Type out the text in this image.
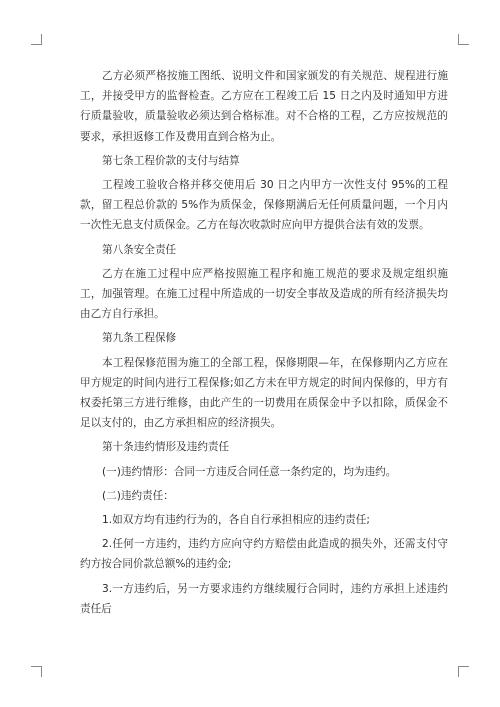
乙方必须严格按施工图纸、说明文件和国家颁发的有关规范、规程进行施工，并接受甲方的监督检查。乙方应在工程竣工后 15 日之内及时通知甲方进行质量验收，质量验收必须达到合格标准。对不合格的工程，乙方应按规范的要求，承担返修工作及费用直到合格为止。

第七条工程价款的支付与结算

工程竣工验收合格并移交使用后 30 日之内甲方一次性支付 95%的工程款，留工程总价款的 5%作为质保金，保修期满后无任何质量问题，一个月内一次性无息支付质保金。乙方在每次收款时应向甲方提供合法有效的发票。

第八条安全责任

乙方在施工过程中应严格按照施工程序和施工规范的要求及规定组织施工，加强管理。在施工过程中所造成的一切安全事故及造成的所有经济损失均由乙方自行承担。

第九条工程保修

本工程保修范围为施工的全部工程，保修期限—年，在保修期内乙方应在甲方规定的时间内进行工程保修;如乙方未在甲方规定的时间内保修的，甲方有权委托第三方进行维修，由此产生的一切费用在质保金中予以扣除，质保金不足以支付的，由乙方承担相应的经济损失。

第十条违约情形及违约责任

(一)违约情形：合同一方违反合同任意一条约定的，均为违约。

(二)违约责任：

1.如双方均有违约行为的，各自自行承担相应的违约责任;

2.任何一方违约，违约方应向守约方赔偿由此造成的损失外，还需支付守约方按合同价款总额%的违约金;

3.一方违约后，另一方要求违约方继续履行合同时，违约方承担上述违约责任后
